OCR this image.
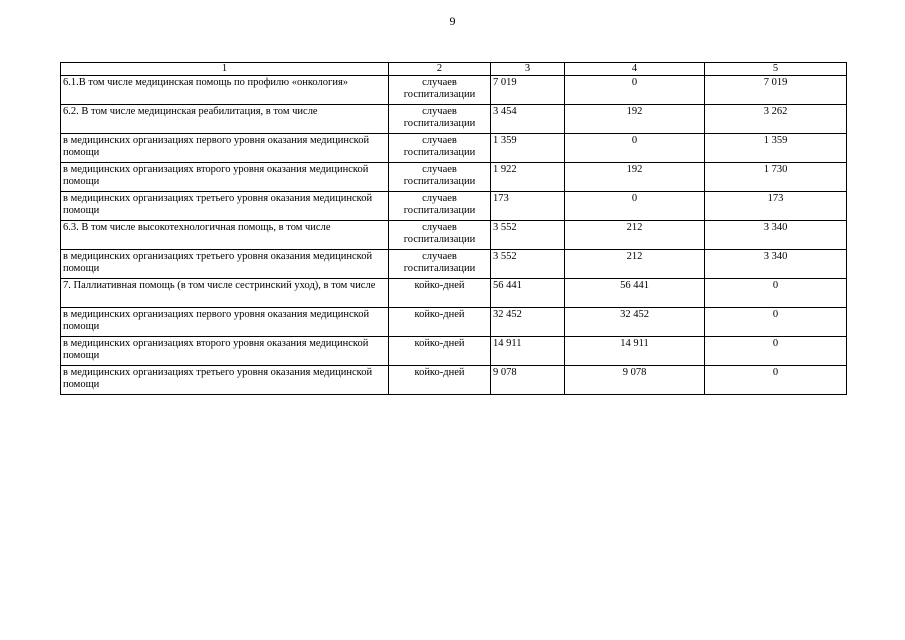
9
1	2	3	4	5
6.1.В том числе медицинская помощь по профилю «онкология»	случаев госпитализации	7 019	0	7 019
6.2. В том числе медицинская реабилитация, в том числе	случаев госпитализации	3 454	192	3 262
в медицинских организациях первого уровня оказания медицинской помощи	случаев госпитализации	1 359	0	1 359
в медицинских организациях второго уровня оказания медицинской помощи	случаев госпитализации	1 922	192	1 730
в медицинских организациях третьего уровня оказания медицинской помощи	случаев госпитализации	173	0	173
6.3. В том числе высокотехнологичная помощь, в том числе	случаев госпитализации	3 552	212	3 340
в медицинских организациях третьего уровня оказания медицинской помощи	случаев госпитализации	3 552	212	3 340
7. Паллиативная помощь (в том числе сестринский уход), в том числе	койко-дней	56 441	56 441	0
в медицинских организациях первого уровня оказания медицинской помощи	койко-дней	32 452	32 452	0
в медицинских организациях второго уровня оказания медицинской помощи	койко-дней	14 911	14 911	0
в медицинских организациях третьего уровня оказания медицинской помощи	койко-дней	9 078	9 078	0
